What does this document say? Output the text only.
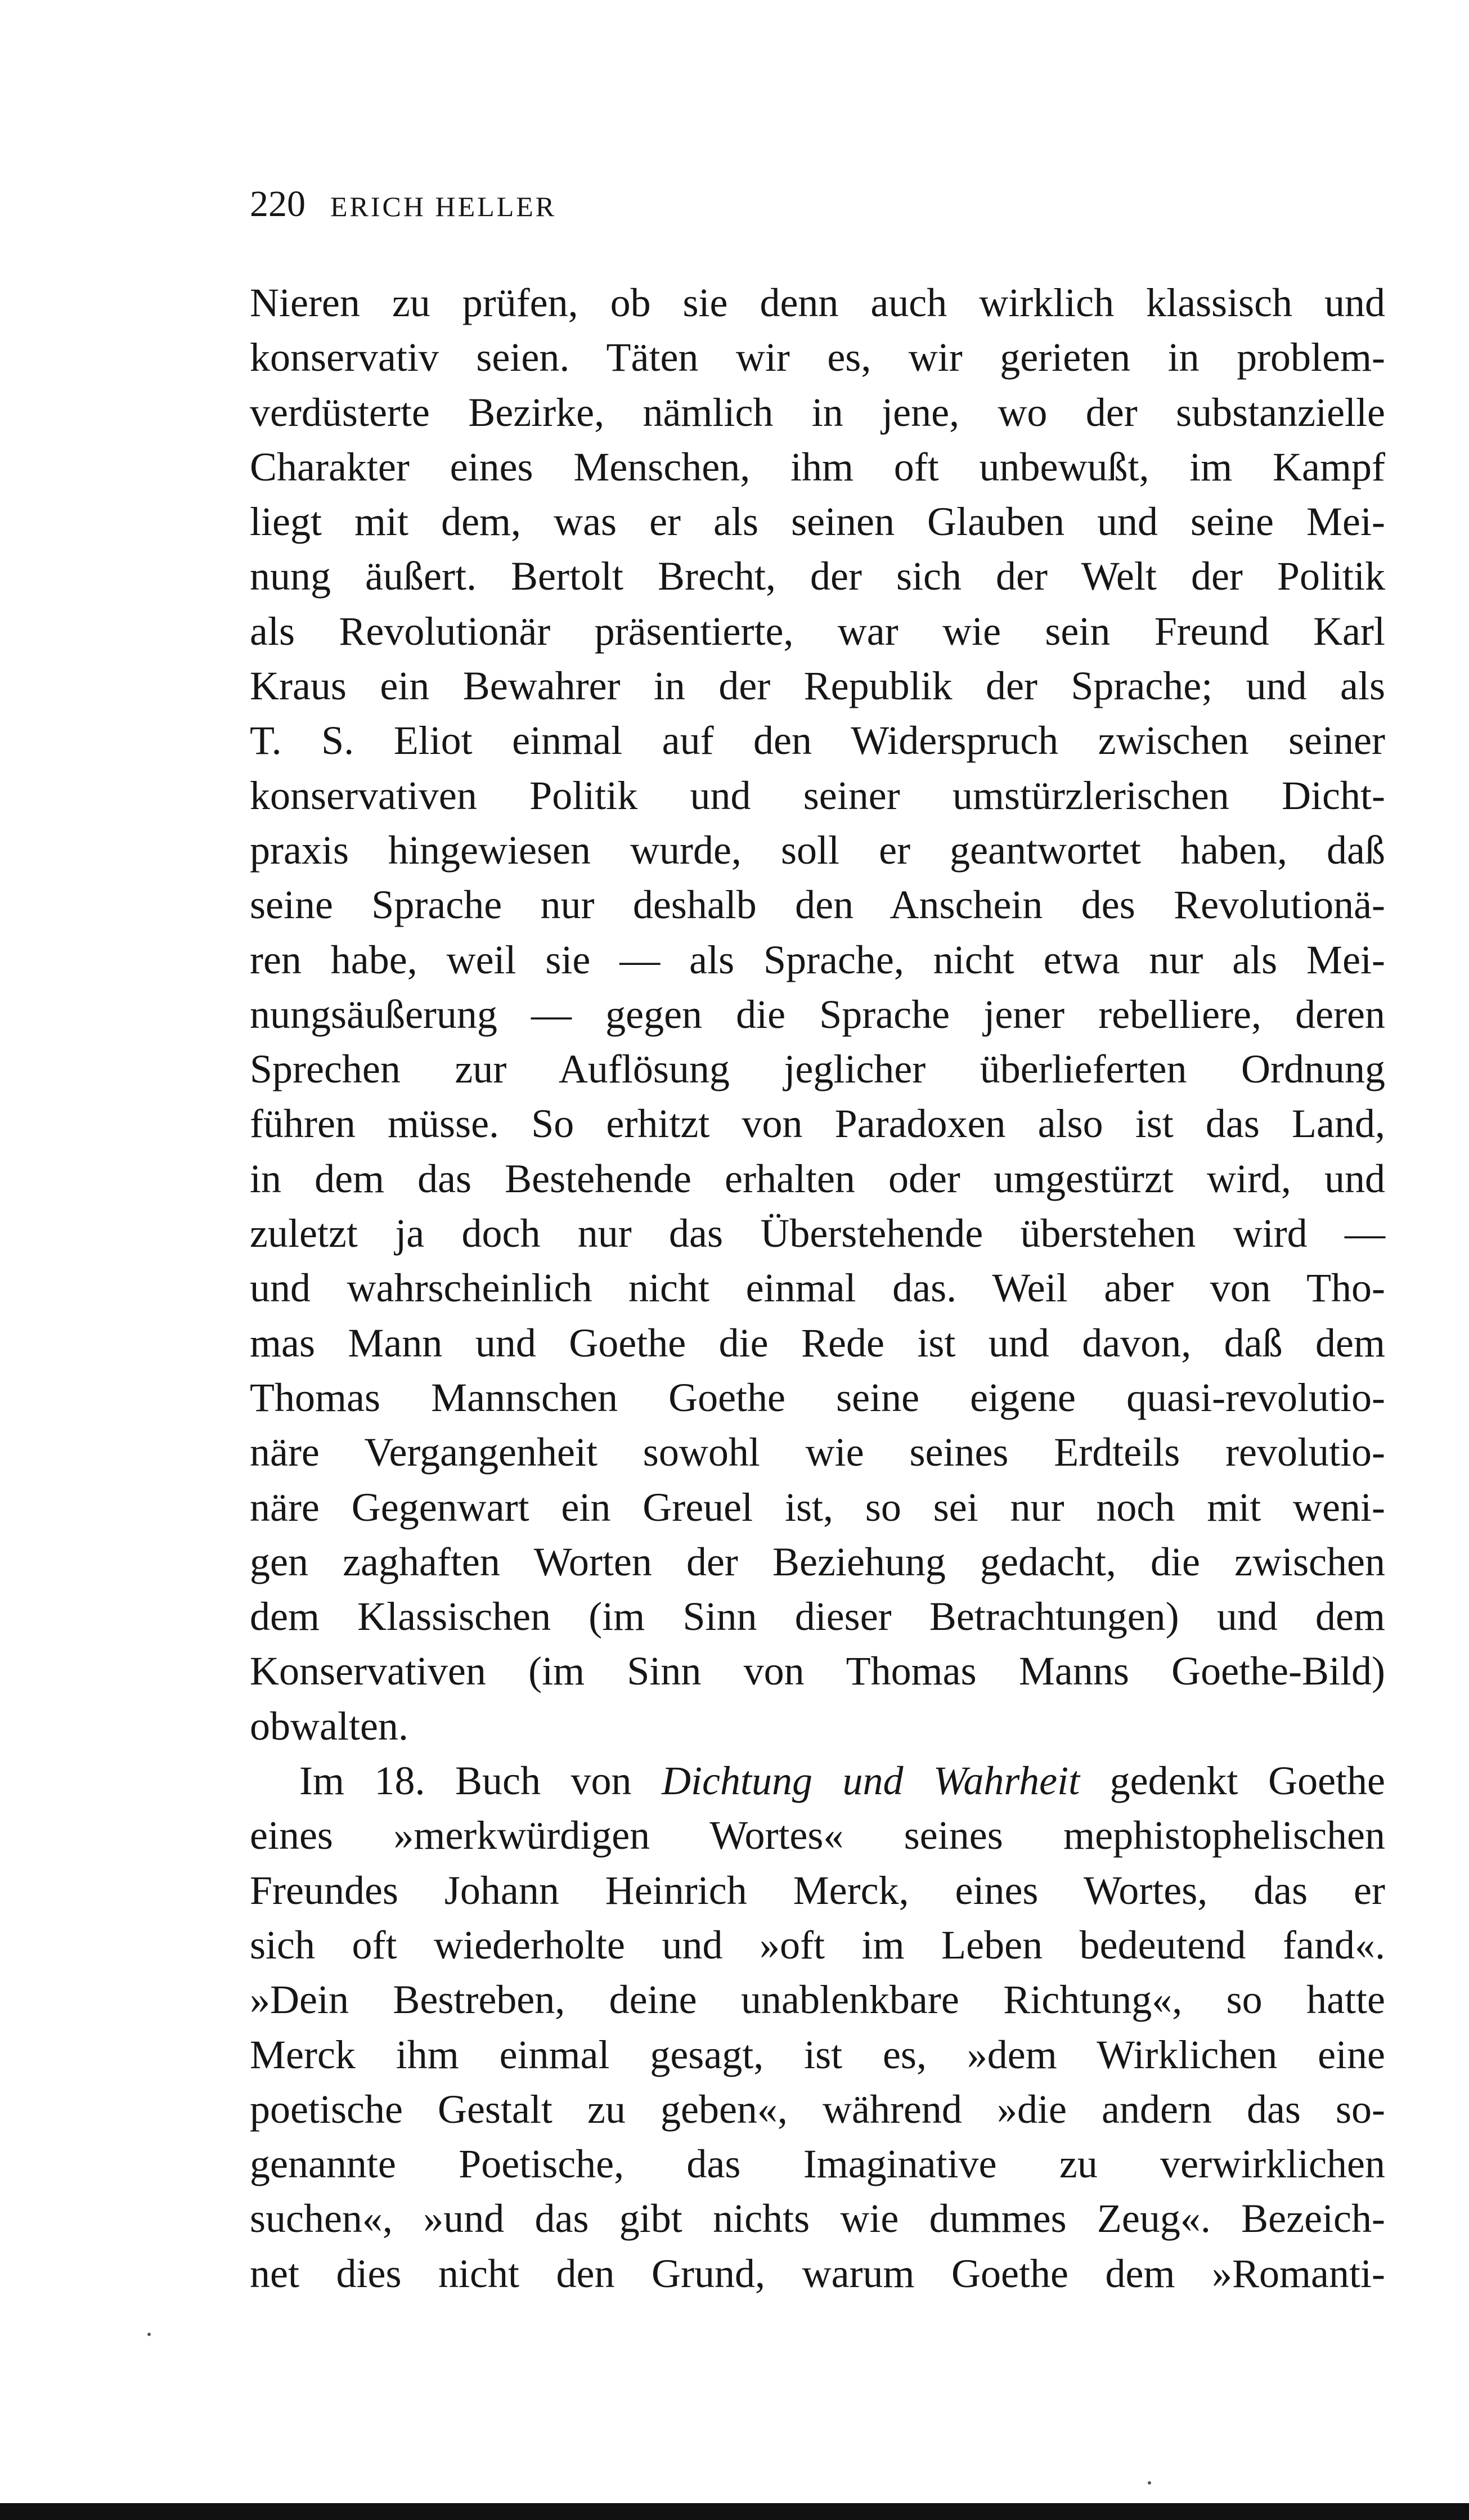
220 ERICH HELLER
Nieren zu prüfen, ob sie denn auch wirklich klassisch und
konservativ seien. Täten wir es, wir gerieten in problem-
verdüsterte Bezirke, nämlich in jene, wo der substanzielle
Charakter eines Menschen, ihm oft unbewußt, im Kampf
liegt mit dem, was er als seinen Glauben und seine Mei-
nung äußert. Bertolt Brecht, der sich der Welt der Politik
als Revolutionär präsentierte, war wie sein Freund Karl
Kraus ein Bewahrer in der Republik der Sprache; und als
T. S. Eliot einmal auf den Widerspruch zwischen seiner
konservativen Politik und seiner umstürzlerischen Dicht-
praxis hingewiesen wurde, soll er geantwortet haben, daß
seine Sprache nur deshalb den Anschein des Revolutionä-
ren habe, weil sie — als Sprache, nicht etwa nur als Mei-
nungsäußerung — gegen die Sprache jener rebelliere, deren
Sprechen zur Auflösung jeglicher überlieferten Ordnung
führen müsse. So erhitzt von Paradoxen also ist das Land,
in dem das Bestehende erhalten oder umgestürzt wird, und
zuletzt ja doch nur das Überstehende überstehen wird —
und wahrscheinlich nicht einmal das. Weil aber von Tho-
mas Mann und Goethe die Rede ist und davon, daß dem
Thomas Mannschen Goethe seine eigene quasi-revolutio-
näre Vergangenheit sowohl wie seines Erdteils revolutio-
näre Gegenwart ein Greuel ist, so sei nur noch mit weni-
gen zaghaften Worten der Beziehung gedacht, die zwischen
dem Klassischen (im Sinn dieser Betrachtungen) und dem
Konservativen (im Sinn von Thomas Manns Goethe-Bild)
obwalten.
Im 18. Buch von Dichtung und Wahrheit gedenkt Goethe
eines »merkwürdigen Wortes« seines mephistophelischen
Freundes Johann Heinrich Merck, eines Wortes, das er
sich oft wiederholte und »oft im Leben bedeutend fand«.
»Dein Bestreben, deine unablenkbare Richtung«, so hatte
Merck ihm einmal gesagt, ist es, »dem Wirklichen eine
poetische Gestalt zu geben«, während »die andern das so-
genannte Poetische, das Imaginative zu verwirklichen
suchen«, »und das gibt nichts wie dummes Zeug«. Bezeich-
net dies nicht den Grund, warum Goethe dem »Romanti-
